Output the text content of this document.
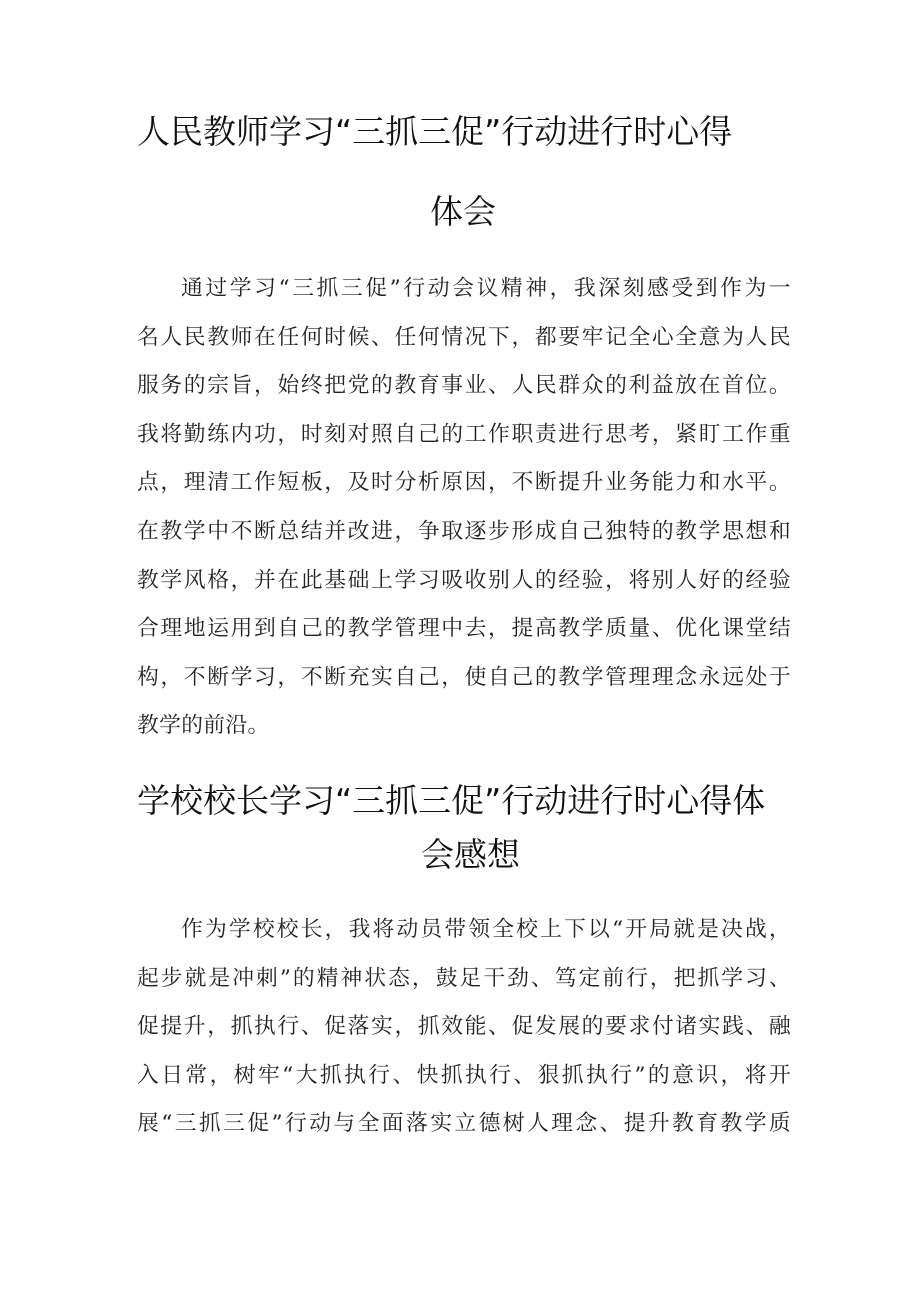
人民教师学习“三抓三促”行动进行时心得
体会
通过学习“三抓三促”行动会议精神，我深刻感受到作为一
名人民教师在任何时候、任何情况下，都要牢记全心全意为人民
服务的宗旨，始终把党的教育事业、人民群众的利益放在首位。
我将勤练内功，时刻对照自己的工作职责进行思考，紧盯工作重
点，理清工作短板，及时分析原因，不断提升业务能力和水平。
在教学中不断总结并改进，争取逐步形成自己独特的教学思想和
教学风格，并在此基础上学习吸收别人的经验，将别人好的经验
合理地运用到自己的教学管理中去，提高教学质量、优化课堂结
构，不断学习，不断充实自己，使自己的教学管理理念永远处于
教学的前沿。
学校校长学习“三抓三促”行动进行时心得体
会感想
作为学校校长，我将动员带领全校上下以“开局就是决战，
起步就是冲刺”的精神状态，鼓足干劲、笃定前行，把抓学习、
促提升，抓执行、促落实，抓效能、促发展的要求付诸实践、融
入日常，树牢“大抓执行、快抓执行、狠抓执行”的意识，将开
展“三抓三促”行动与全面落实立德树人理念、提升教育教学质
